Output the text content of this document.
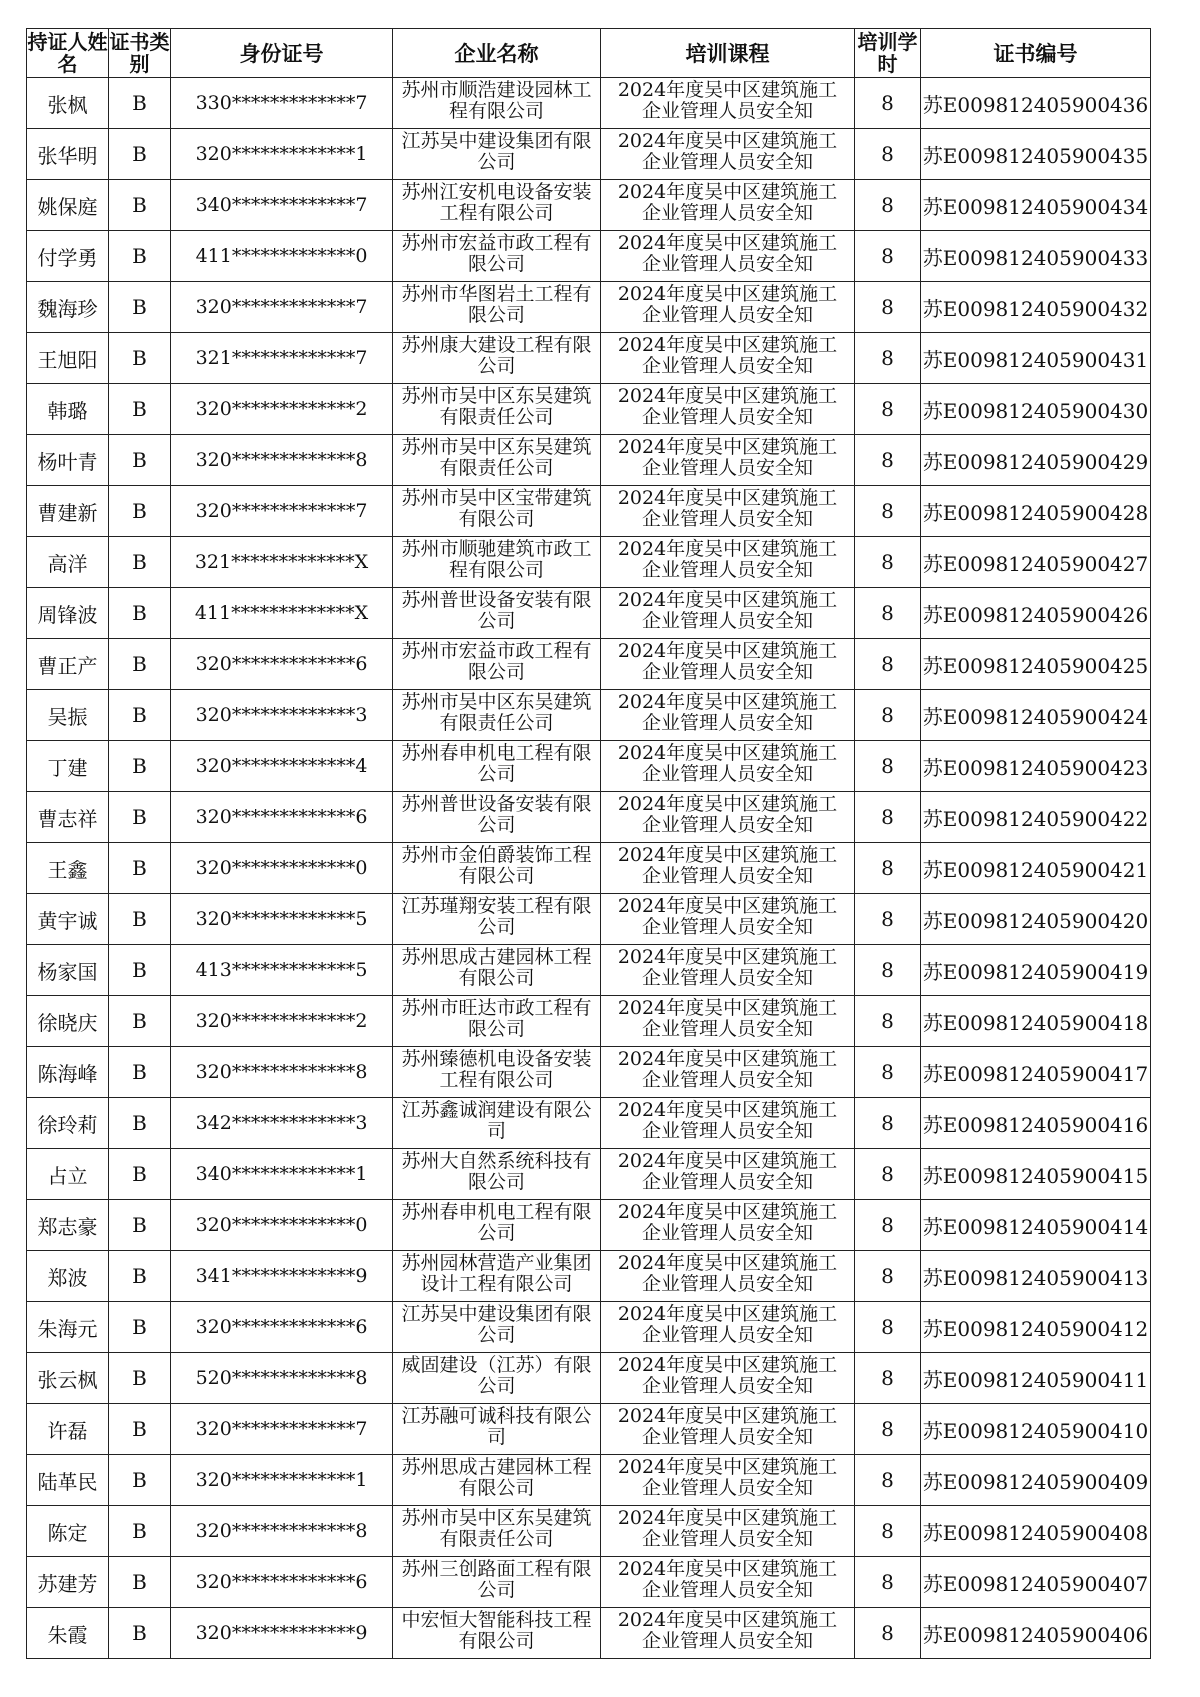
持证人姓名	证书类别	身份证号	企业名称	培训课程	培训学时	证书编号
张枫	B	330*************7	苏州市顺浩建设园林工程有限公司	2024年度吴中区建筑施工企业管理人员安全知	8	苏E009812405900436
张华明	B	320*************1	江苏吴中建设集团有限公司	2024年度吴中区建筑施工企业管理人员安全知	8	苏E009812405900435
姚保庭	B	340*************7	苏州江安机电设备安装工程有限公司	2024年度吴中区建筑施工企业管理人员安全知	8	苏E009812405900434
付学勇	B	411*************0	苏州市宏益市政工程有限公司	2024年度吴中区建筑施工企业管理人员安全知	8	苏E009812405900433
魏海珍	B	320*************7	苏州市华图岩土工程有限公司	2024年度吴中区建筑施工企业管理人员安全知	8	苏E009812405900432
王旭阳	B	321*************7	苏州康大建设工程有限公司	2024年度吴中区建筑施工企业管理人员安全知	8	苏E009812405900431
韩璐	B	320*************2	苏州市吴中区东吴建筑有限责任公司	2024年度吴中区建筑施工企业管理人员安全知	8	苏E009812405900430
杨叶青	B	320*************8	苏州市吴中区东吴建筑有限责任公司	2024年度吴中区建筑施工企业管理人员安全知	8	苏E009812405900429
曹建新	B	320*************7	苏州市吴中区宝带建筑有限公司	2024年度吴中区建筑施工企业管理人员安全知	8	苏E009812405900428
高洋	B	321*************X	苏州市顺驰建筑市政工程有限公司	2024年度吴中区建筑施工企业管理人员安全知	8	苏E009812405900427
周锋波	B	411*************X	苏州普世设备安装有限公司	2024年度吴中区建筑施工企业管理人员安全知	8	苏E009812405900426
曹正产	B	320*************6	苏州市宏益市政工程有限公司	2024年度吴中区建筑施工企业管理人员安全知	8	苏E009812405900425
吴振	B	320*************3	苏州市吴中区东吴建筑有限责任公司	2024年度吴中区建筑施工企业管理人员安全知	8	苏E009812405900424
丁建	B	320*************4	苏州春申机电工程有限公司	2024年度吴中区建筑施工企业管理人员安全知	8	苏E009812405900423
曹志祥	B	320*************6	苏州普世设备安装有限公司	2024年度吴中区建筑施工企业管理人员安全知	8	苏E009812405900422
王鑫	B	320*************0	苏州市金伯爵装饰工程有限公司	2024年度吴中区建筑施工企业管理人员安全知	8	苏E009812405900421
黄宇诚	B	320*************5	江苏瑾翔安装工程有限公司	2024年度吴中区建筑施工企业管理人员安全知	8	苏E009812405900420
杨家国	B	413*************5	苏州思成古建园林工程有限公司	2024年度吴中区建筑施工企业管理人员安全知	8	苏E009812405900419
徐晓庆	B	320*************2	苏州市旺达市政工程有限公司	2024年度吴中区建筑施工企业管理人员安全知	8	苏E009812405900418
陈海峰	B	320*************8	苏州臻德机电设备安装工程有限公司	2024年度吴中区建筑施工企业管理人员安全知	8	苏E009812405900417
徐玲莉	B	342*************3	江苏鑫诚润建设有限公司	2024年度吴中区建筑施工企业管理人员安全知	8	苏E009812405900416
占立	B	340*************1	苏州大自然系统科技有限公司	2024年度吴中区建筑施工企业管理人员安全知	8	苏E009812405900415
郑志豪	B	320*************0	苏州春申机电工程有限公司	2024年度吴中区建筑施工企业管理人员安全知	8	苏E009812405900414
郑波	B	341*************9	苏州园林营造产业集团设计工程有限公司	2024年度吴中区建筑施工企业管理人员安全知	8	苏E009812405900413
朱海元	B	320*************6	江苏吴中建设集团有限公司	2024年度吴中区建筑施工企业管理人员安全知	8	苏E009812405900412
张云枫	B	520*************8	威固建设（江苏）有限公司	2024年度吴中区建筑施工企业管理人员安全知	8	苏E009812405900411
许磊	B	320*************7	江苏融可诚科技有限公司	2024年度吴中区建筑施工企业管理人员安全知	8	苏E009812405900410
陆革民	B	320*************1	苏州思成古建园林工程有限公司	2024年度吴中区建筑施工企业管理人员安全知	8	苏E009812405900409
陈定	B	320*************8	苏州市吴中区东吴建筑有限责任公司	2024年度吴中区建筑施工企业管理人员安全知	8	苏E009812405900408
苏建芳	B	320*************6	苏州三创路面工程有限公司	2024年度吴中区建筑施工企业管理人员安全知	8	苏E009812405900407
朱霞	B	320*************9	中宏恒大智能科技工程有限公司	2024年度吴中区建筑施工企业管理人员安全知	8	苏E009812405900406
